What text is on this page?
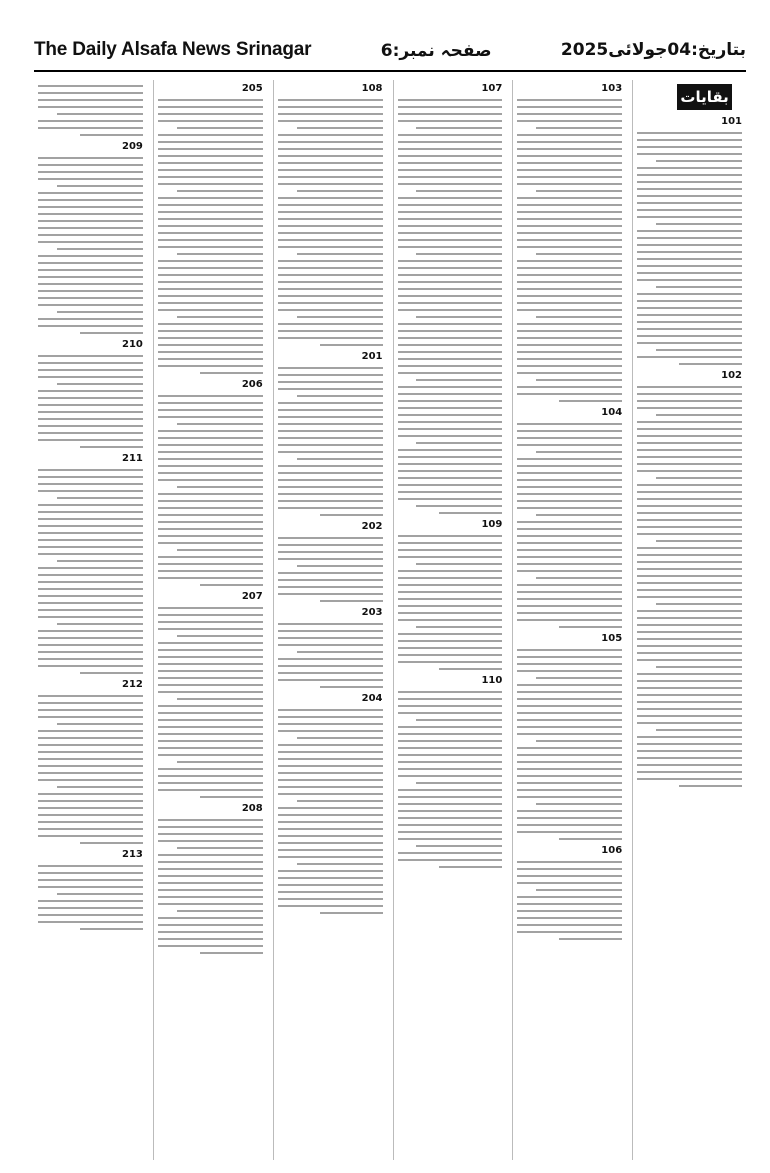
The Daily Alsafa News Srinagar	صفحہ نمبر:6	بتاریخ:04جولائی2025
بقایات
101
102
103
104
105
106
107
109
110
108
201
202
203
204
205
206
207
208
209
210
211
212
213
